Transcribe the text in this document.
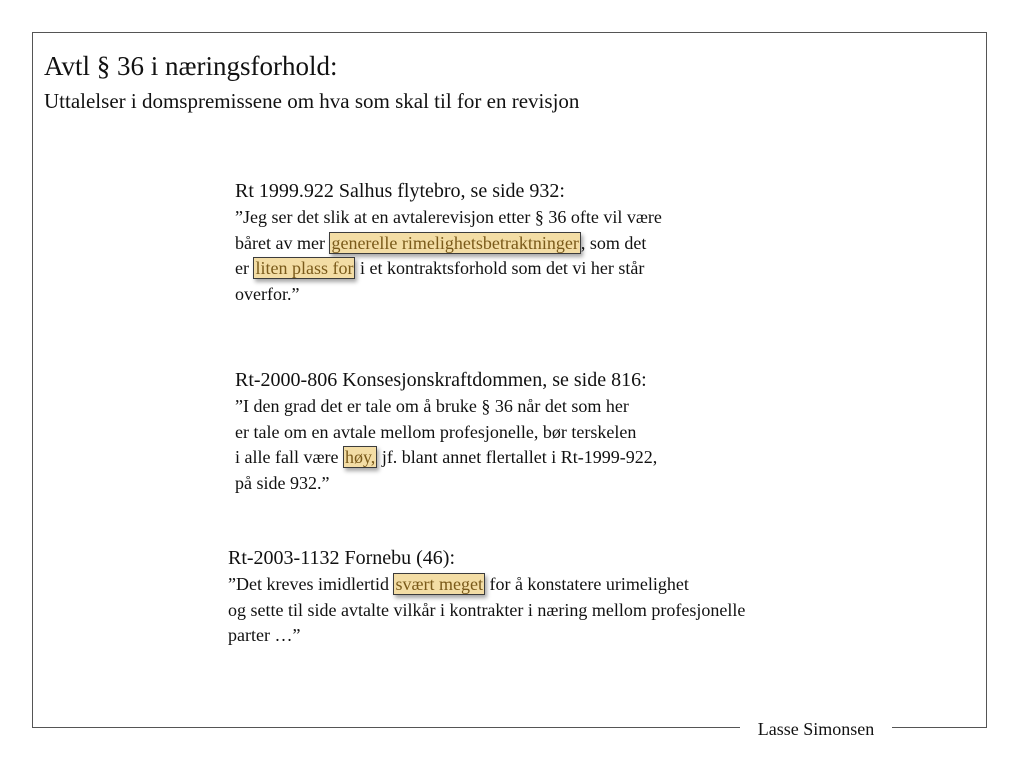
Avtl § 36 i næringsforhold:
Uttalelser i domspremissene om hva som skal til for en revisjon
Rt 1999.922 Salhus flytebro, se side 932:
”Jeg ser det slik at en avtalerevisjon etter § 36 ofte vil være
båret av mer generelle rimelighetsbetraktninger , som det
er liten plass for i et kontraktsforhold som det vi her står
overfor.”
Rt-2000-806 Konsesjonskraftdommen, se side 816:
”I den grad det er tale om å bruke § 36 når det som her
er tale om en avtale mellom profesjonelle, bør terskelen
i alle fall være høy, jf. blant annet flertallet i Rt-1999-922,
på side 932.”
Rt-2003-1132 Fornebu (46):
”Det kreves imidlertid svært meget for å konstatere urimelighet
og sette til side avtalte vilkår i kontrakter i næring mellom profesjonelle
parter …”
Lasse Simonsen
